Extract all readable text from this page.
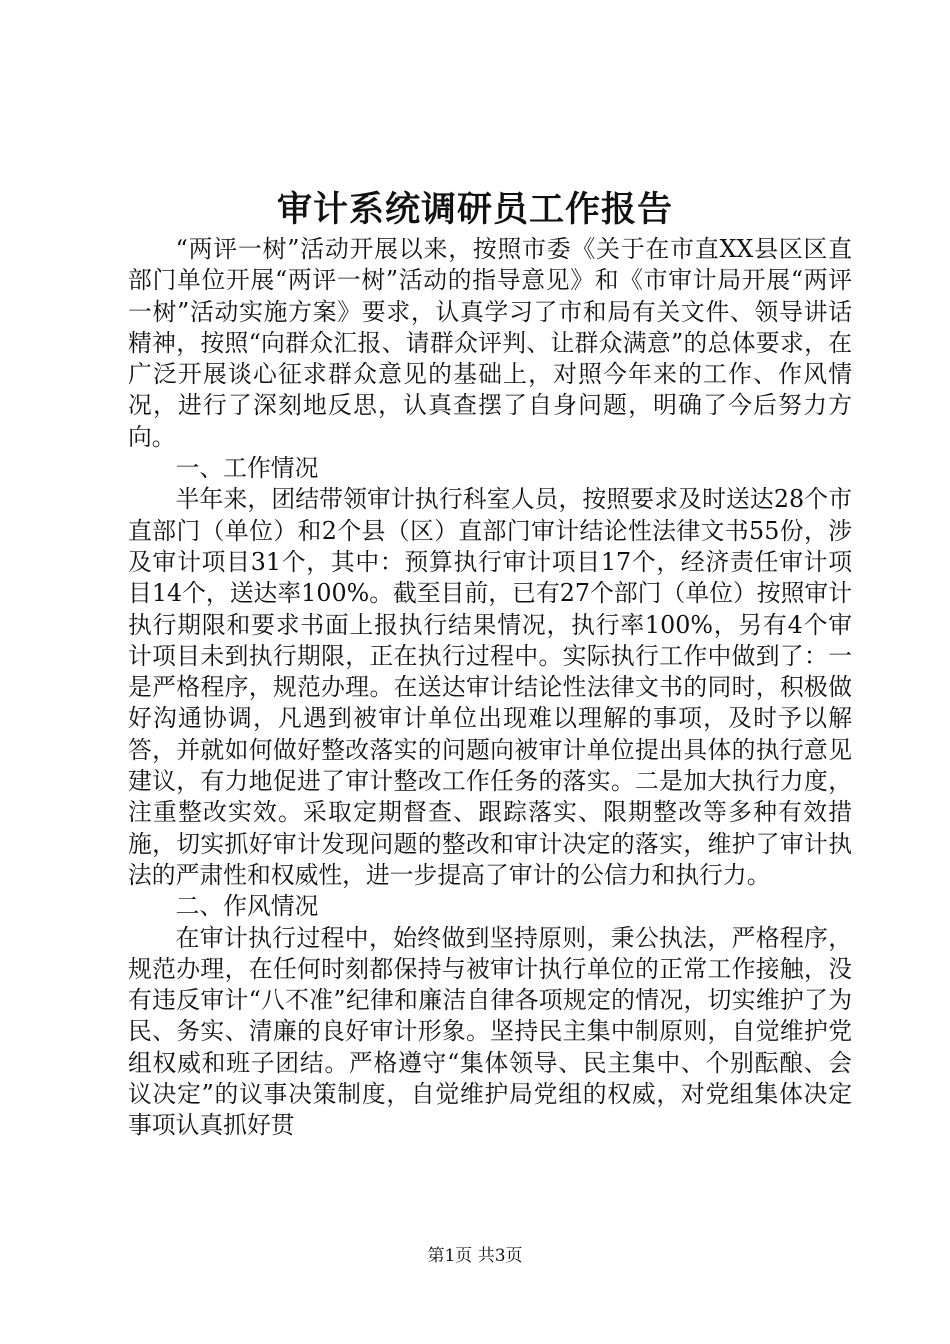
审计系统调研员工作报告

“两评一树”活动开展以来，按照市委《关于在市直XX县区区直部门单位开展“两评一树”活动的指导意见》和《市审计局开展“两评一树”活动实施方案》要求，认真学习了市和局有关文件、领导讲话精神，按照“向群众汇报、请群众评判、让群众满意”的总体要求，在广泛开展谈心征求群众意见的基础上，对照今年来的工作、作风情况，进行了深刻地反思，认真查摆了自身问题，明确了今后努力方向。

一、工作情况

半年来，团结带领审计执行科室人员，按照要求及时送达28个市直部门（单位）和2个县（区）直部门审计结论性法律文书55份，涉及审计项目31个，其中：预算执行审计项目17个，经济责任审计项目14个，送达率100%。截至目前，已有27个部门（单位）按照审计执行期限和要求书面上报执行结果情况，执行率100%，另有4个审计项目未到执行期限，正在执行过程中。实际执行工作中做到了：一是严格程序，规范办理。在送达审计结论性法律文书的同时，积极做好沟通协调，凡遇到被审计单位出现难以理解的事项，及时予以解答，并就如何做好整改落实的问题向被审计单位提出具体的执行意见建议，有力地促进了审计整改工作任务的落实。二是加大执行力度，注重整改实效。采取定期督查、跟踪落实、限期整改等多种有效措施，切实抓好审计发现问题的整改和审计决定的落实，维护了审计执法的严肃性和权威性，进一步提高了审计的公信力和执行力。

二、作风情况

在审计执行过程中，始终做到坚持原则，秉公执法，严格程序，规范办理，在任何时刻都保持与被审计执行单位的正常工作接触，没有违反审计“八不准”纪律和廉洁自律各项规定的情况，切实维护了为民、务实、清廉的良好审计形象。坚持民主集中制原则，自觉维护党组权威和班子团结。严格遵守“集体领导、民主集中、个别酝酿、会议决定”的议事决策制度，自觉维护局党组的权威，对党组集体决定事项认真抓好贯

第1页 共3页
